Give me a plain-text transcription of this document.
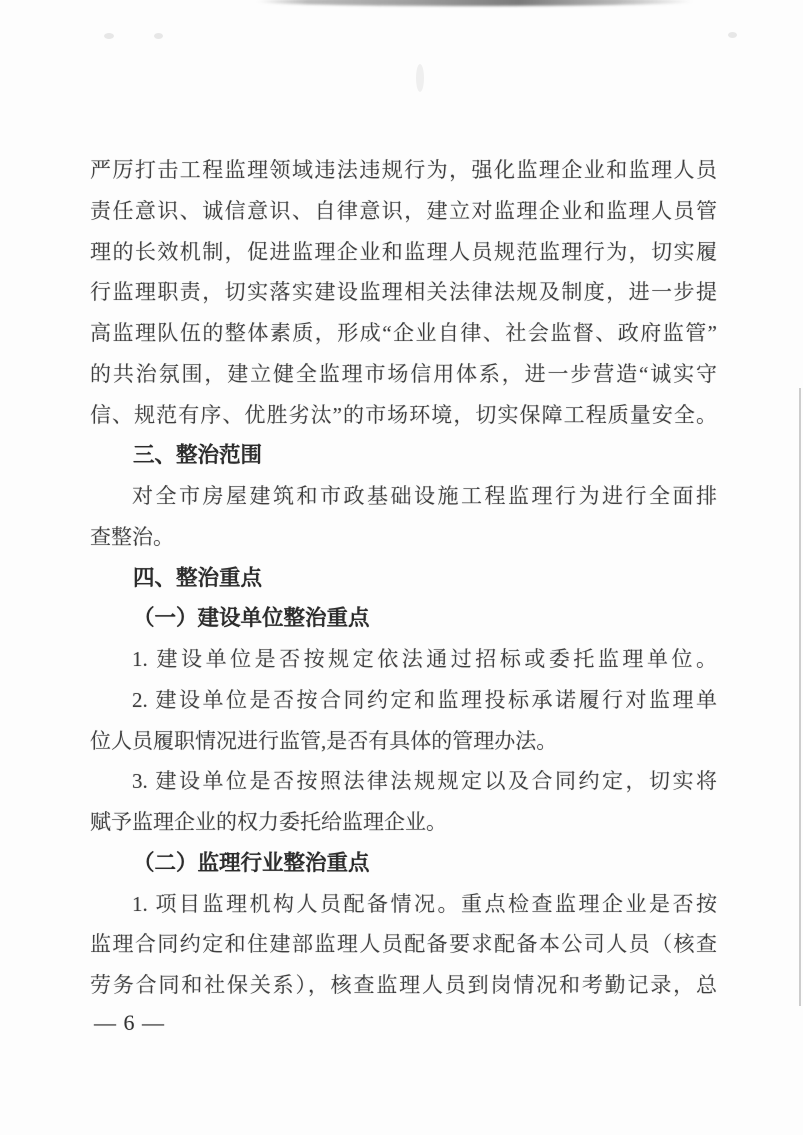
严厉打击工程监理领域违法违规行为，强化监理企业和监理人员
责任意识、诚信意识、自律意识，建立对监理企业和监理人员管
理的长效机制，促进监理企业和监理人员规范监理行为，切实履
行监理职责，切实落实建设监理相关法律法规及制度，进一步提
高监理队伍的整体素质，形成“企业自律、社会监督、政府监管”
的共治氛围，建立健全监理市场信用体系，进一步营造“诚实守
信、规范有序、优胜劣汰”的市场环境，切实保障工程质量安全。
三、整治范围
对全市房屋建筑和市政基础设施工程监理行为进行全面排
查整治。
四、整治重点
（一）建设单位整治重点
1. 建设单位是否按规定依法通过招标或委托监理单位。
2. 建设单位是否按合同约定和监理投标承诺履行对监理单
位人员履职情况进行监管,是否有具体的管理办法。
3. 建设单位是否按照法律法规规定以及合同约定，切实将
赋予监理企业的权力委托给监理企业。
（二）监理行业整治重点
1. 项目监理机构人员配备情况。重点检查监理企业是否按
监理合同约定和住建部监理人员配备要求配备本公司人员（核查
劳务合同和社保关系），核查监理人员到岗情况和考勤记录，总
— 6 —
